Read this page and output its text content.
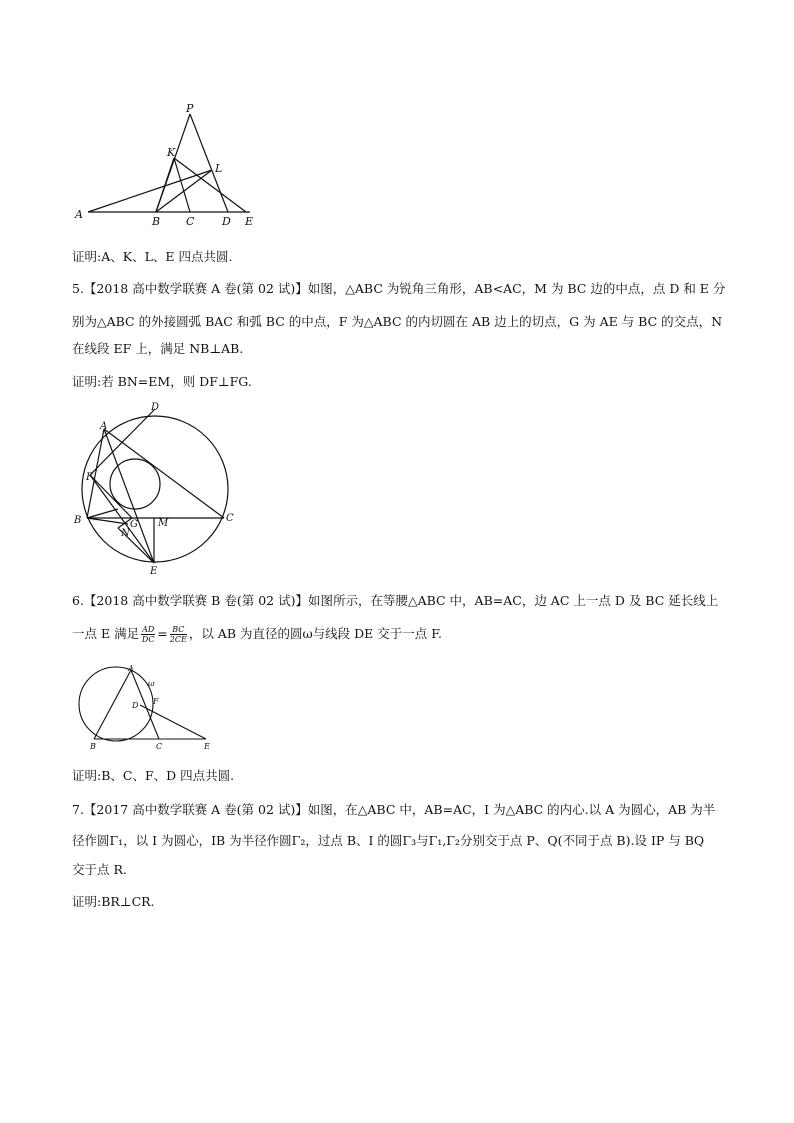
P
K
L
A
B C	D E
证明:A、K、L、E 四点共圆.
5.【2018 高中数学联赛 A 卷(第 02 试)】如图，△ABC 为锐角三角形，AB<AC，M 为 BC 边的中点，点 D 和 E 分
别为△ABC 的外接圆弧 BAC 和弧 BC 的中点，F 为△ABC 的内切圆在 AB 边上的切点，G 为 AE 与 BC 的交点，N
在线段 EF 上，满足 NB⊥AB.
证明:若 BN=EM，则 DF⊥FG.
D
A
F
B	C
G M
N
E
6.【2018 高中数学联赛 B 卷(第 02 试)】如图所示，在等腰△ABC 中，AB=AC，边 AC 上一点 D 及 BC 延长线上
一点 E 满足 $\frac{AD}{DC} = \frac{BC}{2CE}$ ，以 AB 为直径的圆ω与线段 DE 交于一点 F.
A
ω
F
D
B	C	E
证明:B、C、F、D 四点共圆.
7.【2017 高中数学联赛 A 卷(第 02 试)】如图，在△ABC 中，AB=AC，I 为△ABC 的内心.以 A 为圆心，AB 为半
径作圆Γ₁，以 I 为圆心，IB 为半径作圆Γ₂，过点 B、I 的圆Γ₃与Γ₁,Γ₂分别交于点 P、Q(不同于点 B).设 IP 与 BQ
交于点 R.
证明:BR⊥CR.
